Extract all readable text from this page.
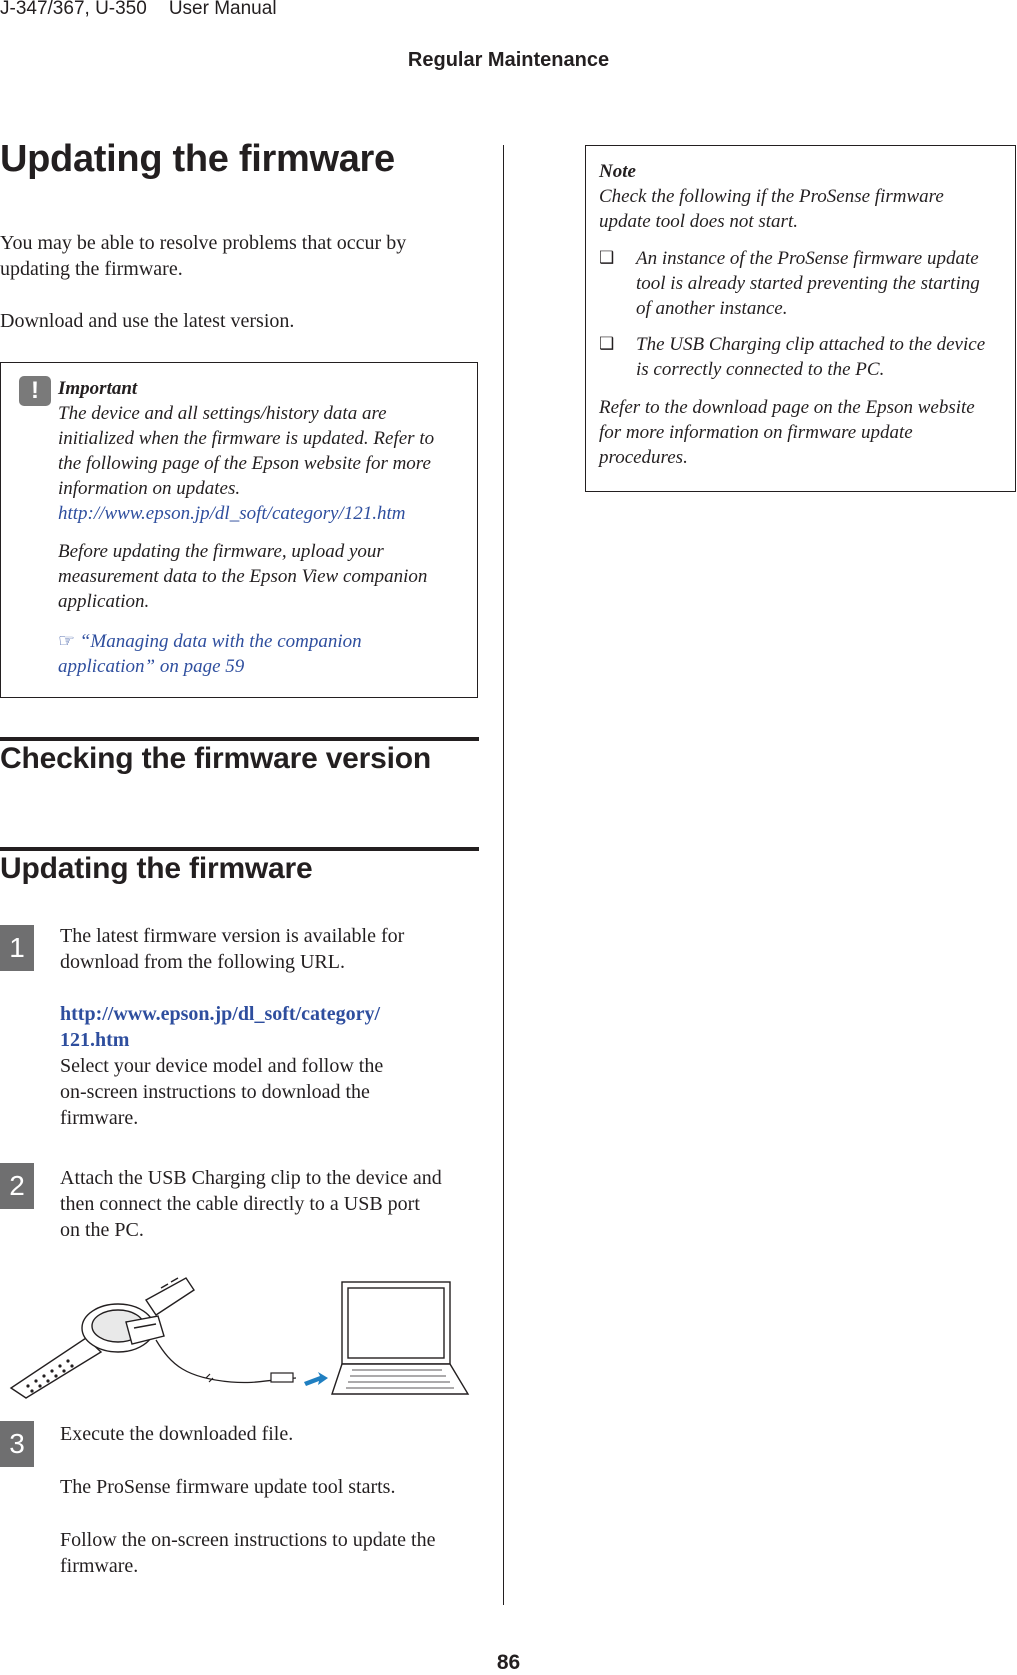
J-347/367, U-350 User Manual
Regular Maintenance
Updating the firmware

You may be able to resolve problems that occur by
updating the firmware.

Download and use the latest version.

!	Important
The device and all settings/history data are
initialized when the firmware is updated. Refer to
the following page of the Epson website for more
information on updates.
http://www.epson.jp/dl_soft/category/121.htm

Before updating the firmware, upload your
measurement data to the Epson View companion
application.

☞ “Managing data with the companion
application” on page 59

Checking the firmware version
Updating the firmware
1	The latest firmware version is available for
download from the following URL.

http://www.epson.jp/dl_soft/category/
121.htm
Select your device model and follow the
on-screen instructions to download the
firmware.

2	Attach the USB Charging clip to the device and
then connect the cable directly to a USB port
on the PC.

3	Execute the downloaded file.

The ProSense firmware update tool starts.

Follow the on-screen instructions to update the
firmware.

Note
Check the following if the ProSense firmware
update tool does not start.

❑ An instance of the ProSense firmware update
tool is already started preventing the starting
of another instance.

❑ The USB Charging clip attached to the device
is correctly connected to the PC.

Refer to the download page on the Epson website
for more information on firmware update
procedures.

86
